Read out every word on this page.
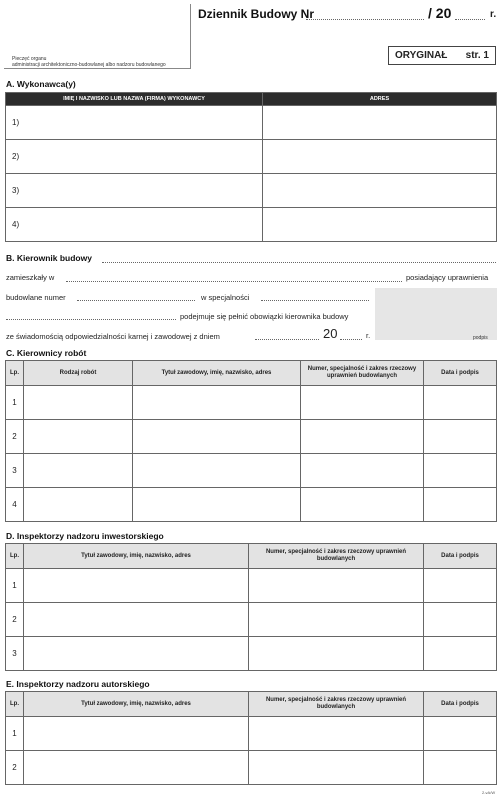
Pieczęć organu
administracji architektoniczno-budowlanej albo nadzoru budowlanego
Dziennik Budowy Nr	/ 20	r.
ORYGINAŁ str. 1
A. Wykonawca(y)
IMIĘ I NAZWISKO LUB NAZWA (FIRMA) WYKONAWCY	ADRES
1)	
2)	
3)	
4)	
B. Kierownik budowy
zamieszkały w	posiadający uprawnienia
budowlane numer	w specjalności
podejmuje się pełnić obowiązki kierownika budowy
ze świadomością odpowiedzialności karnej i zawodowej z dniem	20	r.	podpis
C. Kierownicy robót
Lp.	Rodzaj robót	Tytuł zawodowy, imię, nazwisko, adres	Numer, specjalność i zakres rzeczowy uprawnień budowlanych	Data i podpis
1				
2				
3				
4				
D. Inspektorzy nadzoru inwestorskiego
Lp.	Tytuł zawodowy, imię, nazwisko, adres	Numer, specjalność i zakres rzeczowy uprawnień budowlanych	Data i podpis
1			
2			
3			
E. Inspektorzy nadzoru autorskiego
Lp.	Tytuł zawodowy, imię, nazwisko, adres	Numer, specjalność i zakres rzeczowy uprawnień budowlanych	Data i podpis
1			
2			
2-vA/W
